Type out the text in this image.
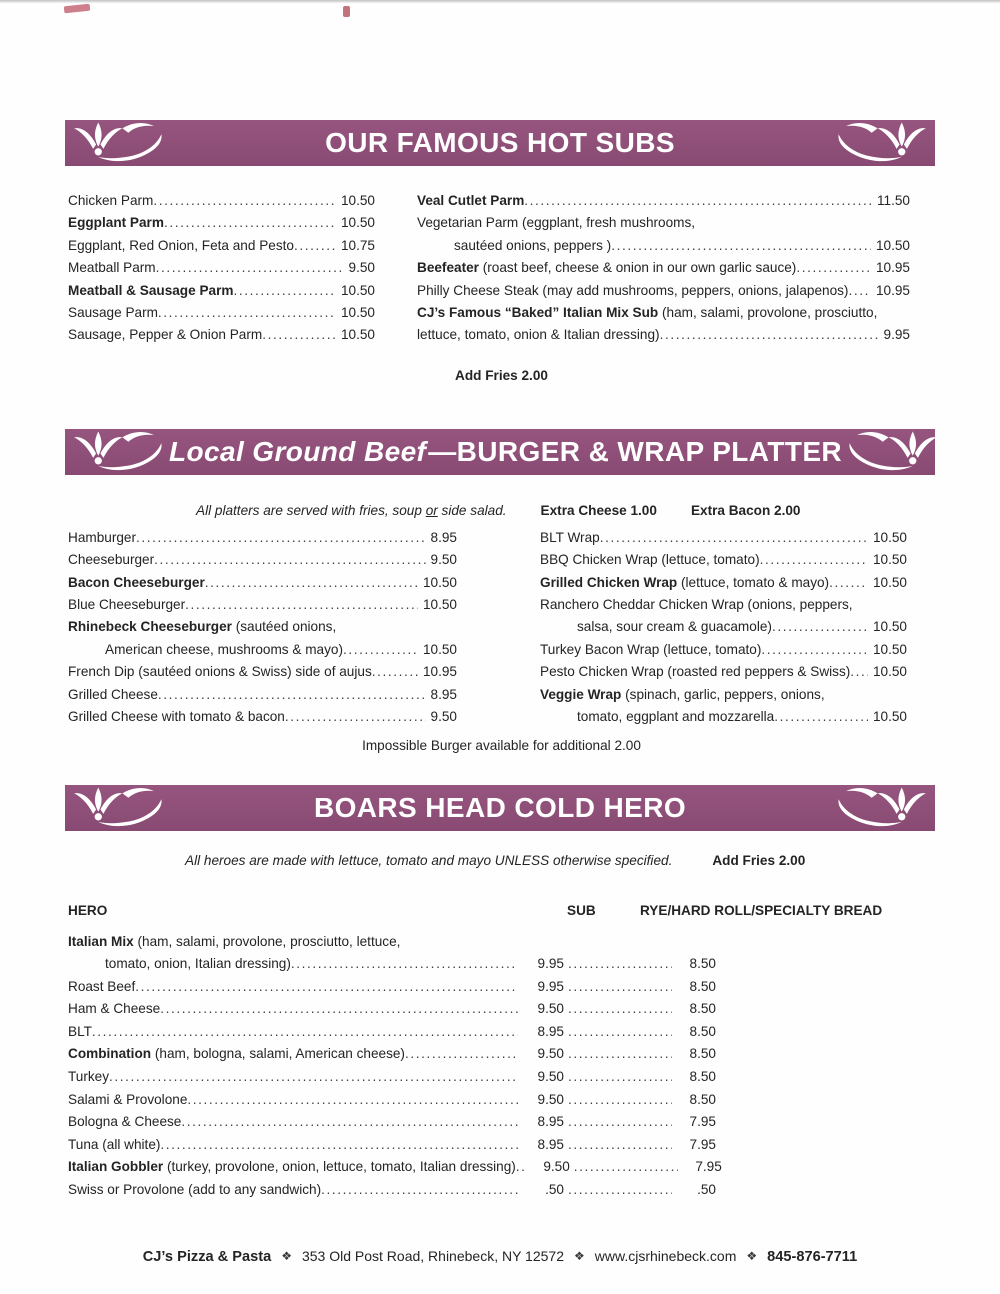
OUR FAMOUS HOT SUBS
Chicken Parm .....	10.50
Eggplant Parm .....	10.50
Eggplant, Red Onion, Feta and Pesto .....	10.75
Meatball Parm .....	9.50
Meatball & Sausage Parm .....	10.50
Sausage Parm .....	10.50
Sausage, Pepper & Onion Parm .....	10.50
Veal Cutlet Parm .....	11.50
Vegetarian Parm (eggplant, fresh mushrooms,
sautéed onions, peppers ) .....	10.50
Beefeater (roast beef, cheese & onion in our own garlic sauce) .....	10.95
Philly Cheese Steak (may add mushrooms, peppers, onions, jalapenos) .....	10.95
CJ’s Famous “Baked” Italian Mix Sub (ham, salami, provolone, prosciutto,
lettuce, tomato, onion & Italian dressing) .....	9.95
Add Fries 2.00
Local Ground Beef—BURGER & WRAP PLATTER
All platters are served with fries, soup or side salad.	Extra Cheese 1.00	Extra Bacon 2.00
Hamburger .....	8.95
Cheeseburger .....	9.50
Bacon Cheeseburger .....	10.50
Blue Cheeseburger .....	10.50
Rhinebeck Cheeseburger (sautéed onions,
American cheese, mushrooms & mayo) .....	10.50
French Dip (sautéed onions & Swiss) side of aujus .....	10.95
Grilled Cheese .....	8.95
Grilled Cheese with tomato & bacon .....	9.50
BLT Wrap .....	10.50
BBQ Chicken Wrap (lettuce, tomato) .....	10.50
Grilled Chicken Wrap (lettuce, tomato & mayo) .....	10.50
Ranchero Cheddar Chicken Wrap (onions, peppers,
salsa, sour cream & guacamole) .....	10.50
Turkey Bacon Wrap (lettuce, tomato) .....	10.50
Pesto Chicken Wrap (roasted red peppers & Swiss) .....	10.50
Veggie Wrap (spinach, garlic, peppers, onions,
tomato, eggplant and mozzarella .....	10.50
Impossible Burger available for additional 2.00
BOARS HEAD COLD HERO
All heroes are made with lettuce, tomato and mayo UNLESS otherwise specified.	Add Fries 2.00
HERO	SUB	RYE/HARD ROLL/SPECIALTY BREAD
Italian Mix (ham, salami, provolone, prosciutto, lettuce,
tomato, onion, Italian dressing) .....	9.95 .....	8.50
Roast Beef .....	9.95 .....	8.50
Ham & Cheese .....	9.50 .....	8.50
BLT .....	8.95 .....	8.50
Combination (ham, bologna, salami, American cheese) .....	9.50 .....	8.50
Turkey .....	9.50 .....	8.50
Salami & Provolone .....	9.50 .....	8.50
Bologna & Cheese .....	8.95 .....	7.95
Tuna (all white) .....	8.95 .....	7.95
Italian Gobbler (turkey, provolone, onion, lettuce, tomato, Italian dressing) .....	9.50 .....	7.95
Swiss or Provolone (add to any sandwich) .....	.50 .....	.50
CJ’s Pizza & Pasta ❖ 353 Old Post Road, Rhinebeck, NY 12572 ❖ www.cjsrhinebeck.com ❖ 845-876-7711
